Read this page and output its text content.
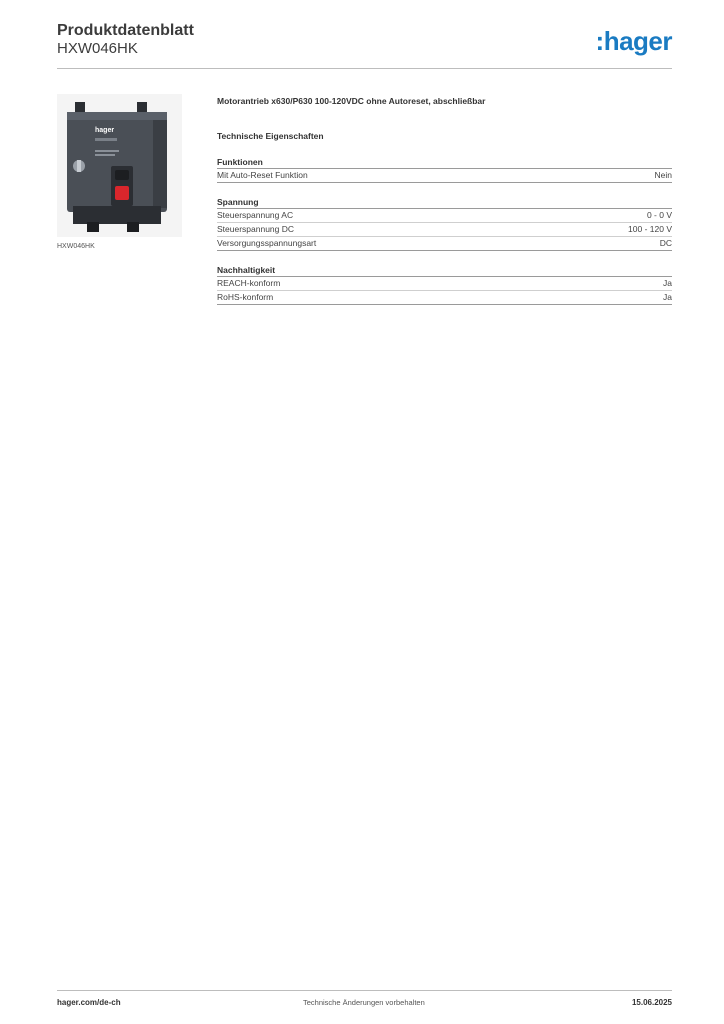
Produktdatenblatt
HXW046HK	:hager
hager
HXW046HK
Motorantrieb x630/P630 100-120VDC ohne Autoreset, abschließbar
Technische Eigenschaften
Funktionen
Mit Auto-Reset Funktion	Nein
Spannung
Steuerspannung AC	0 - 0 V
Steuerspannung DC	100 - 120 V
Versorgungsspannungsart	DC
Nachhaltigkeit
REACH-konform	Ja
RoHS-konform	Ja
hager.com/de-ch	Technische Änderungen vorbehalten	15.06.2025
